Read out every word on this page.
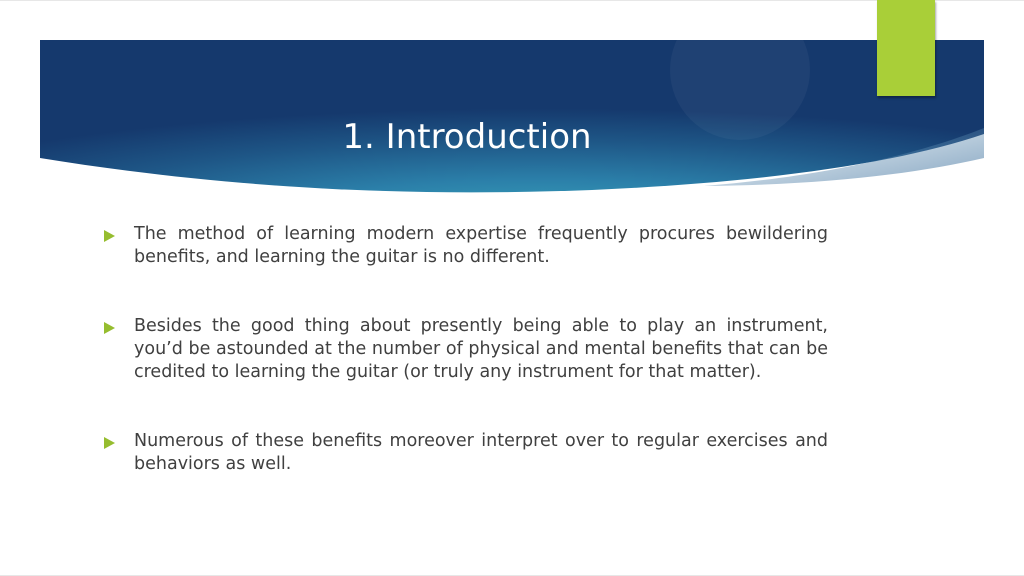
1. Introduction

The method of learning modern expertise frequently procures bewildering benefits, and learning the guitar is no different.

Besides the good thing about presently being able to play an instrument, you’d be astounded at the number of physical and mental benefits that can be credited to learning the guitar (or truly any instrument for that matter).

Numerous of these benefits moreover interpret over to regular exercises and behaviors as well.
